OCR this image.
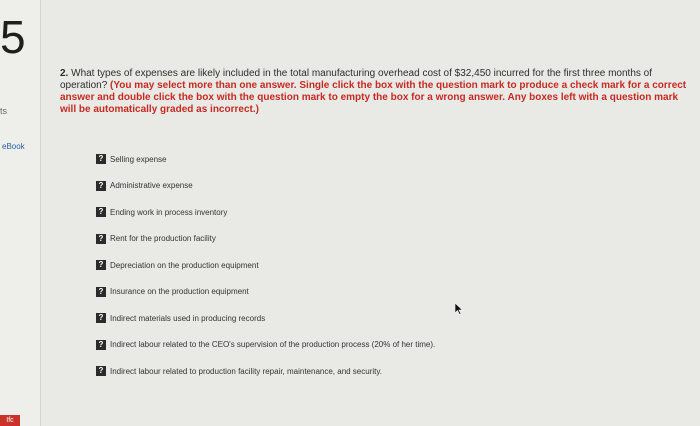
5
ts
eBook
Ifc
2. What types of expenses are likely included in the total manufacturing overhead cost of $32,450 incurred for the first three months of operation? (You may select more than one answer. Single click the box with the question mark to produce a check mark for a correct answer and double click the box with the question mark to empty the box for a wrong answer. Any boxes left with a question mark will be automatically graded as incorrect.)
? Selling expense
? Administrative expense
? Ending work in process inventory
? Rent for the production facility
? Depreciation on the production equipment
? Insurance on the production equipment
? Indirect materials used in producing records
? Indirect labour related to the CEO's supervision of the production process (20% of her time).
? Indirect labour related to production facility repair, maintenance, and security.
